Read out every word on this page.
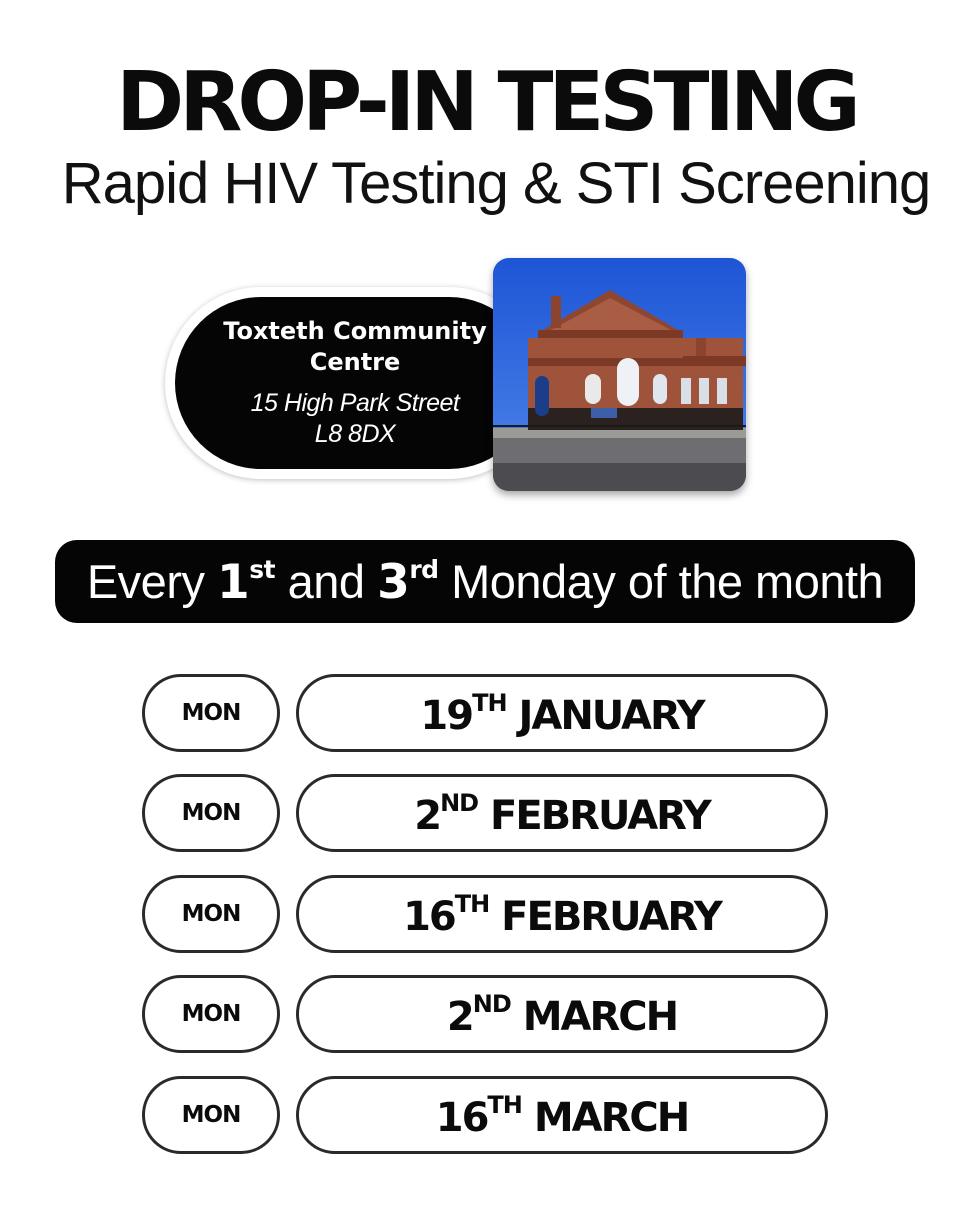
DROP-IN TESTING
Rapid HIV Testing & STI Screening
Toxteth Community Centre
15 High Park Street
L8 8DX
Every 1st and 3rd Monday of the month
MON	19TH JANUARY
MON	2ND FEBRUARY
MON	16TH FEBRUARY
MON	2ND MARCH
MON	16TH MARCH
